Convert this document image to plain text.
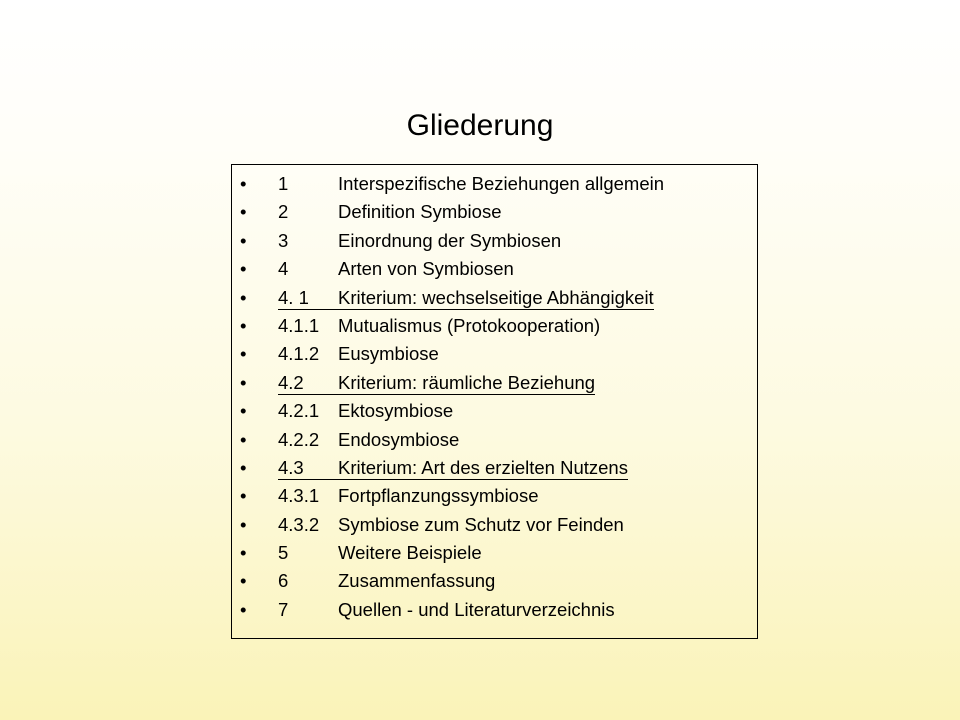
Gliederung
• 1	Interspezifische Beziehungen allgemein
• 2	Definition Symbiose
• 3	Einordnung der Symbiosen
• 4	Arten von Symbiosen
• 4. 1 Kriterium: wechselseitige Abhängigkeit
• 4.1.1 Mutualismus (Protokooperation)
• 4.1.2 Eusymbiose
• 4.2 Kriterium: räumliche Beziehung
• 4.2.1 Ektosymbiose
• 4.2.2 Endosymbiose
• 4.3 Kriterium: Art des erzielten Nutzens
• 4.3.1 Fortpflanzungssymbiose
• 4.3.2 Symbiose zum Schutz vor Feinden
• 5	Weitere Beispiele
• 6	Zusammenfassung
• 7	Quellen - und Literaturverzeichnis
